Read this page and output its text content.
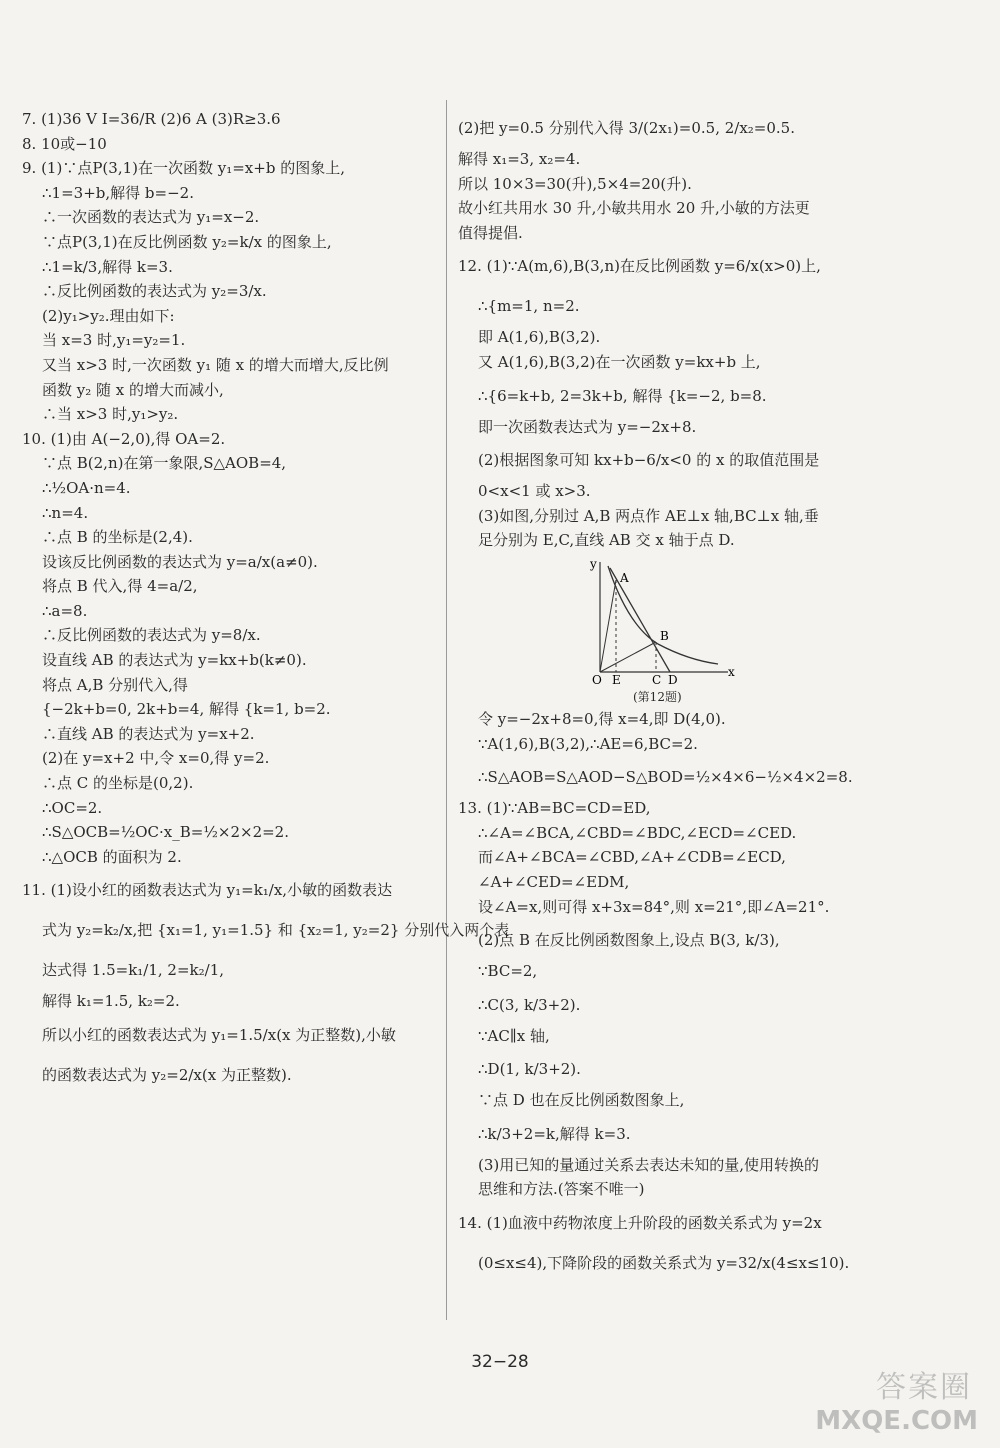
7. (1)36 V I=36/R (2)6 A (3)R≥3.6
8. 10或−10
9. (1)∵点P(3,1)在一次函数 y₁=x+b 的图象上,
∴1=3+b,解得 b=−2.
∴一次函数的表达式为 y₁=x−2.
∵点P(3,1)在反比例函数 y₂=k/x 的图象上,
∴1=k/3,解得 k=3.
∴反比例函数的表达式为 y₂=3/x.
(2)y₁>y₂.理由如下:
当 x=3 时,y₁=y₂=1.
又当 x>3 时,一次函数 y₁ 随 x 的增大而增大,反比例
函数 y₂ 随 x 的增大而减小,
∴当 x>3 时,y₁>y₂.
10. (1)由 A(−2,0),得 OA=2.
∵点 B(2,n)在第一象限,S△AOB=4,
∴½OA·n=4.
∴n=4.
∴点 B 的坐标是(2,4).
设该反比例函数的表达式为 y=a/x(a≠0).
将点 B 代入,得 4=a/2,
∴a=8.
∴反比例函数的表达式为 y=8/x.
设直线 AB 的表达式为 y=kx+b(k≠0).
将点 A,B 分别代入,得
{−2k+b=0, 2k+b=4, 解得 {k=1, b=2.
∴直线 AB 的表达式为 y=x+2.
(2)在 y=x+2 中,令 x=0,得 y=2.
∴点 C 的坐标是(0,2).
∴OC=2.
∴S△OCB=½OC·x_B=½×2×2=2.
∴△OCB 的面积为 2.
11. (1)设小红的函数表达式为 y₁=k₁/x,小敏的函数表达
式为 y₂=k₂/x,把 {x₁=1, y₁=1.5} 和 {x₂=1, y₂=2} 分别代入两个表
达式得 1.5=k₁/1, 2=k₂/1,
解得 k₁=1.5, k₂=2.
所以小红的函数表达式为 y₁=1.5/x(x 为正整数),小敏
的函数表达式为 y₂=2/x(x 为正整数).
(2)把 y=0.5 分别代入得 3/(2x₁)=0.5, 2/x₂=0.5.
解得 x₁=3, x₂=4.
所以 10×3=30(升),5×4=20(升).
故小红共用水 30 升,小敏共用水 20 升,小敏的方法更
值得提倡.
12. (1)∵A(m,6),B(3,n)在反比例函数 y=6/x(x>0)上,
∴{m=1, n=2.
即 A(1,6),B(3,2).
又 A(1,6),B(3,2)在一次函数 y=kx+b 上,
∴{6=k+b, 2=3k+b, 解得 {k=−2, b=8.
即一次函数表达式为 y=−2x+8.
(2)根据图象可知 kx+b−6/x<0 的 x 的取值范围是
0<x<1 或 x>3.
(3)如图,分别过 A,B 两点作 AE⊥x 轴,BC⊥x 轴,垂
足分别为 E,C,直线 AB 交 x 轴于点 D.
y
x
O E	C D
A
B
(第12题)
令 y=−2x+8=0,得 x=4,即 D(4,0).
∵A(1,6),B(3,2),∴AE=6,BC=2.
∴S△AOB=S△AOD−S△BOD=½×4×6−½×4×2=8.
13. (1)∵AB=BC=CD=ED,
∴∠A=∠BCA,∠CBD=∠BDC,∠ECD=∠CED.
而∠A+∠BCA=∠CBD,∠A+∠CDB=∠ECD,
∠A+∠CED=∠EDM,
设∠A=x,则可得 x+3x=84°,则 x=21°,即∠A=21°.
(2)点 B 在反比例函数图象上,设点 B(3, k/3),
∵BC=2,
∴C(3, k/3+2).
∵AC∥x 轴,
∴D(1, k/3+2).
∵点 D 也在反比例函数图象上,
∴k/3+2=k,解得 k=3.
(3)用已知的量通过关系去表达未知的量,使用转换的
思维和方法.(答案不唯一)
14. (1)血液中药物浓度上升阶段的函数关系式为 y=2x
(0≤x≤4),下降阶段的函数关系式为 y=32/x(4≤x≤10).
32−28
答案圈
MXQE.COM
